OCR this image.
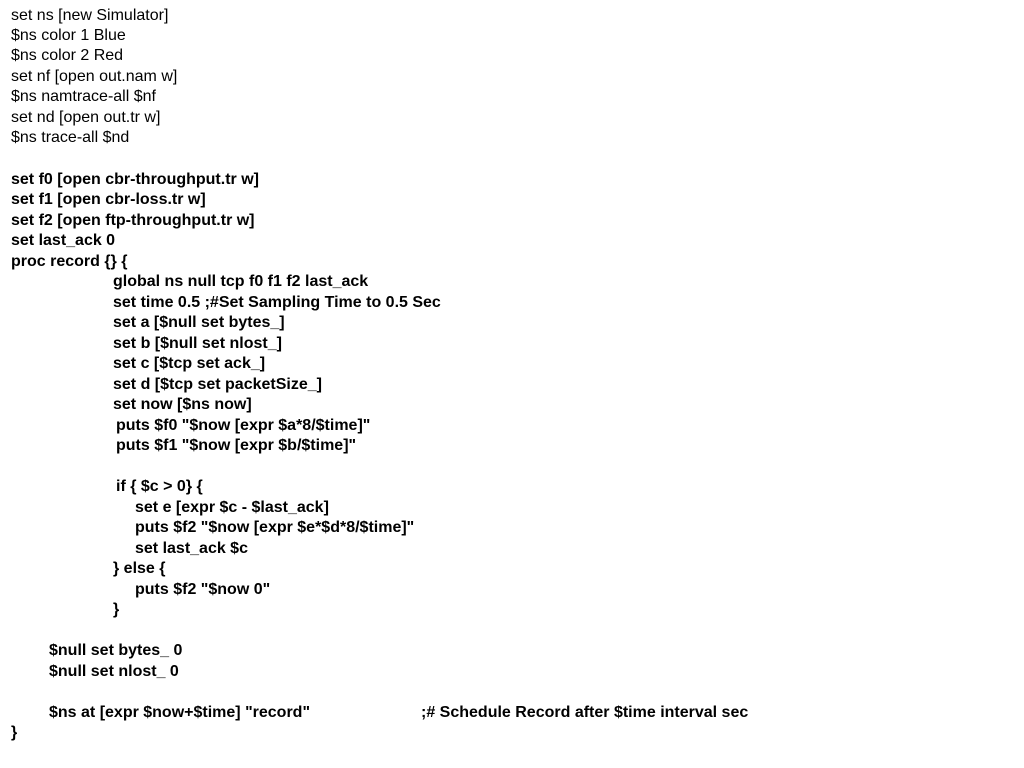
set ns [new Simulator]
$ns color 1 Blue
$ns color 2 Red
set nf [open out.nam w]
$ns namtrace-all $nf
set nd [open out.tr w]
$ns trace-all $nd
set f0 [open cbr-throughput.tr w]
set f1 [open cbr-loss.tr w]
set f2 [open ftp-throughput.tr w]
set last_ack 0
proc record {} {
global ns null tcp f0 f1 f2 last_ack
set time 0.5 ;#Set Sampling Time to 0.5 Sec
set a [$null set bytes_]
set b [$null set nlost_]
set c [$tcp set ack_]
set d [$tcp set packetSize_]
set now [$ns now]
puts $f0 "$now [expr $a*8/$time]"
puts $f1 "$now [expr $b/$time]"
if { $c > 0} {
set e [expr $c - $last_ack]
puts $f2 "$now [expr $e*$d*8/$time]"
set last_ack $c
} else {
puts $f2 "$now 0"
}
$null set bytes_ 0
$null set nlost_ 0
$ns at [expr $now+$time] "record"	;# Schedule Record after $time interval sec
}
